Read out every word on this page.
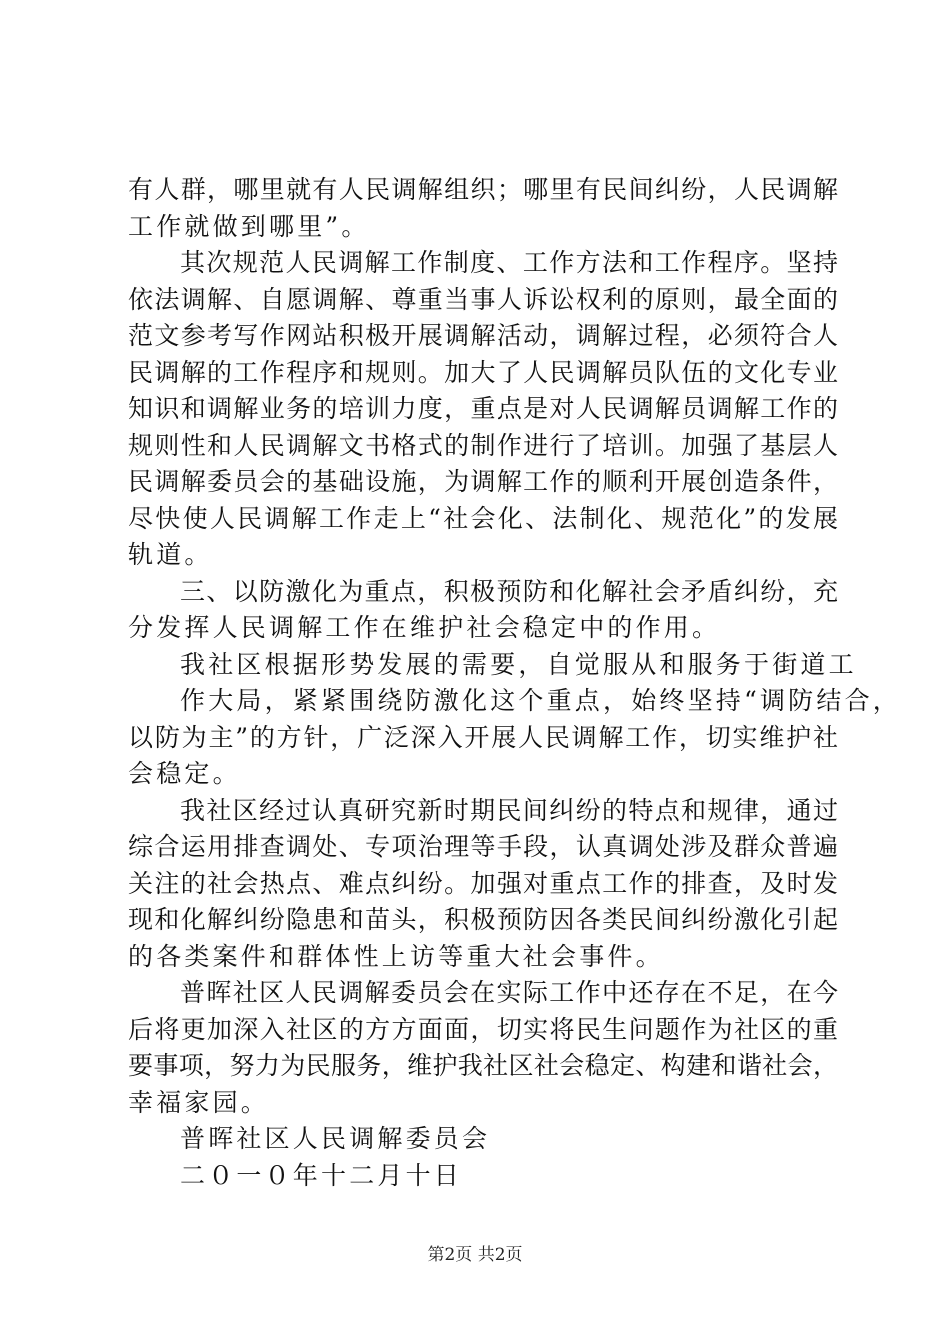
有人群，哪里就有人民调解组织；哪里有民间纠纷，人民调解
工作就做到哪里”。
其次规范人民调解工作制度、工作方法和工作程序。坚持
依法调解、自愿调解、尊重当事人诉讼权利的原则，最全面的
范文参考写作网站积极开展调解活动，调解过程，必须符合人
民调解的工作程序和规则。加大了人民调解员队伍的文化专业
知识和调解业务的培训力度，重点是对人民调解员调解工作的
规则性和人民调解文书格式的制作进行了培训。加强了基层人
民调解委员会的基础设施，为调解工作的顺利开展创造条件，
尽快使人民调解工作走上“社会化、法制化、规范化”的发展
轨道。
三、以防激化为重点，积极预防和化解社会矛盾纠纷，充
分发挥人民调解工作在维护社会稳定中的作用。
我社区根据形势发展的需要，自觉服从和服务于街道工
作大局，紧紧围绕防激化这个重点，始终坚持“调防结合，
以防为主”的方针，广泛深入开展人民调解工作，切实维护社
会稳定。
我社区经过认真研究新时期民间纠纷的特点和规律，通过
综合运用排查调处、专项治理等手段，认真调处涉及群众普遍
关注的社会热点、难点纠纷。加强对重点工作的排查，及时发
现和化解纠纷隐患和苗头，积极预防因各类民间纠纷激化引起
的各类案件和群体性上访等重大社会事件。
普晖社区人民调解委员会在实际工作中还存在不足，在今
后将更加深入社区的方方面面，切实将民生问题作为社区的重
要事项，努力为民服务，维护我社区社会稳定、构建和谐社会，
幸福家园。
普晖社区人民调解委员会
二０一０年十二月十日
第2页 共2页
